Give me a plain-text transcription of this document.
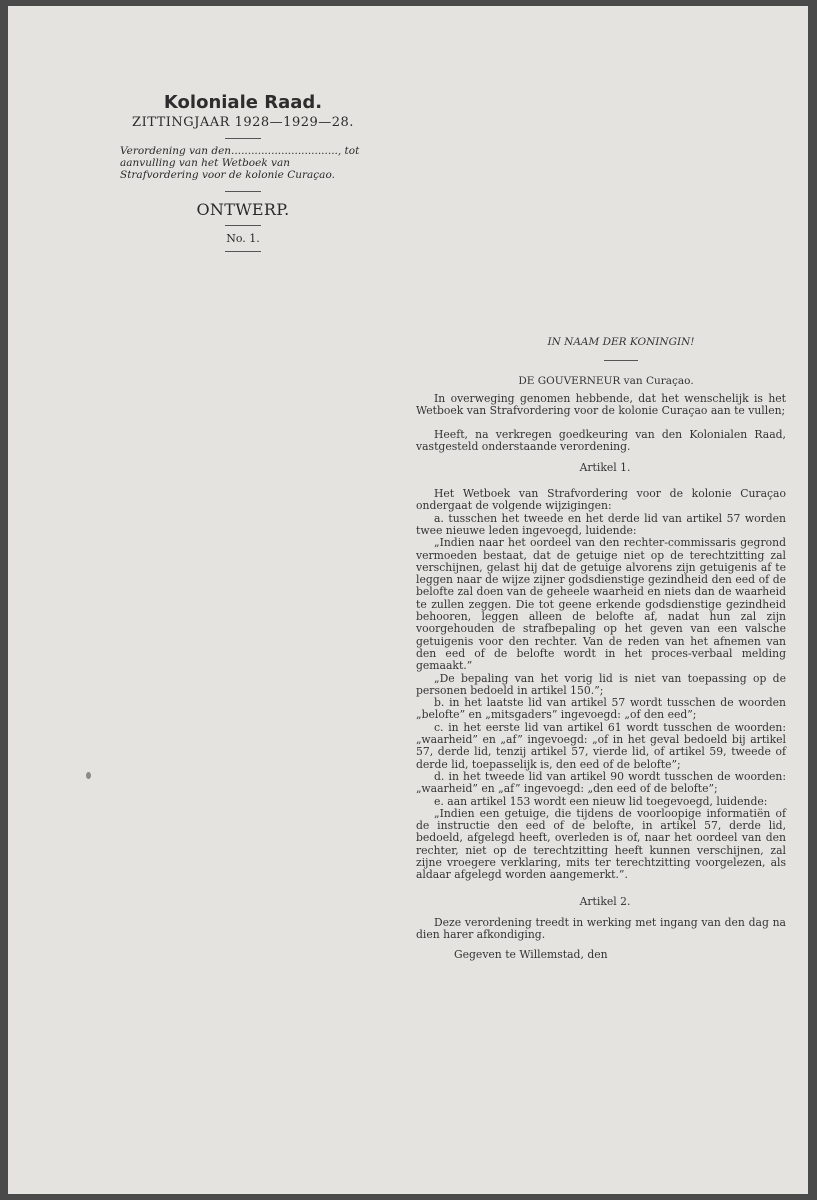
Koloniale Raad.
ZITTINGJAAR 1928—1929—28.
Verordening van den................................, tot aanvulling van het Wetboek van Strafvordering voor de kolonie Curaçao.
ONTWERP.
No. 1.
IN NAAM DER KONINGIN!
DE GOUVERNEUR van Curaçao.

In overweging genomen hebbende, dat het wenschelijk is het Wetboek van Strafvordering voor de kolonie Curaçao aan te vullen;

Heeft, na verkregen goedkeuring van den Kolonialen Raad, vastgesteld onderstaande verordening.

Artikel 1.

Het Wetboek van Strafvordering voor de kolonie Curaçao ondergaat de volgende wijzigingen:

a. tusschen het tweede en het derde lid van artikel 57 worden twee nieuwe leden ingevoegd, luidende:

„Indien naar het oordeel van den rechter-commissaris gegrond vermoeden bestaat, dat de getuige niet op de terechtzitting zal verschijnen, gelast hij dat de getuige alvorens zijn getuigenis af te leggen naar de wijze zijner godsdienstige gezindheid den eed of de belofte zal doen van de geheele waarheid en niets dan de waarheid te zullen zeggen. Die tot geene erkende godsdienstige gezindheid behooren, leggen alleen de belofte af, nadat hun zal zijn voorgehouden de strafbepaling op het geven van een valsche getuigenis voor den rechter. Van de reden van het afnemen van den eed of de belofte wordt in het proces-verbaal melding gemaakt.”

„De bepaling van het vorig lid is niet van toepassing op de personen bedoeld in artikel 150.”;

b. in het laatste lid van artikel 57 wordt tusschen de woorden „belofte” en „mitsgaders” ingevoegd: „of den eed”;

c. in het eerste lid van artikel 61 wordt tusschen de woorden: „waarheid” en „af” ingevoegd: „of in het geval bedoeld bij artikel 57, derde lid, tenzij artikel 57, vierde lid, of artikel 59, tweede of derde lid, toepasselijk is, den eed of de belofte”;

d. in het tweede lid van artikel 90 wordt tusschen de woorden: „waarheid” en „af” ingevoegd: „den eed of de belofte”;

e. aan artikel 153 wordt een nieuw lid toegevoegd, luidende:

„Indien een getuige, die tijdens de voorloopige informatiën of de instructie den eed of de belofte, in artikel 57, derde lid, bedoeld, afgelegd heeft, overleden is of, naar het oordeel van den rechter, niet op de terechtzitting heeft kunnen verschijnen, zal zijne vroegere verklaring, mits ter terechtzitting voorgelezen, als aldaar afgelegd worden aangemerkt.”.

Artikel 2.

Deze verordening treedt in werking met ingang van den dag na dien harer afkondiging.

Gegeven te Willemstad, den
